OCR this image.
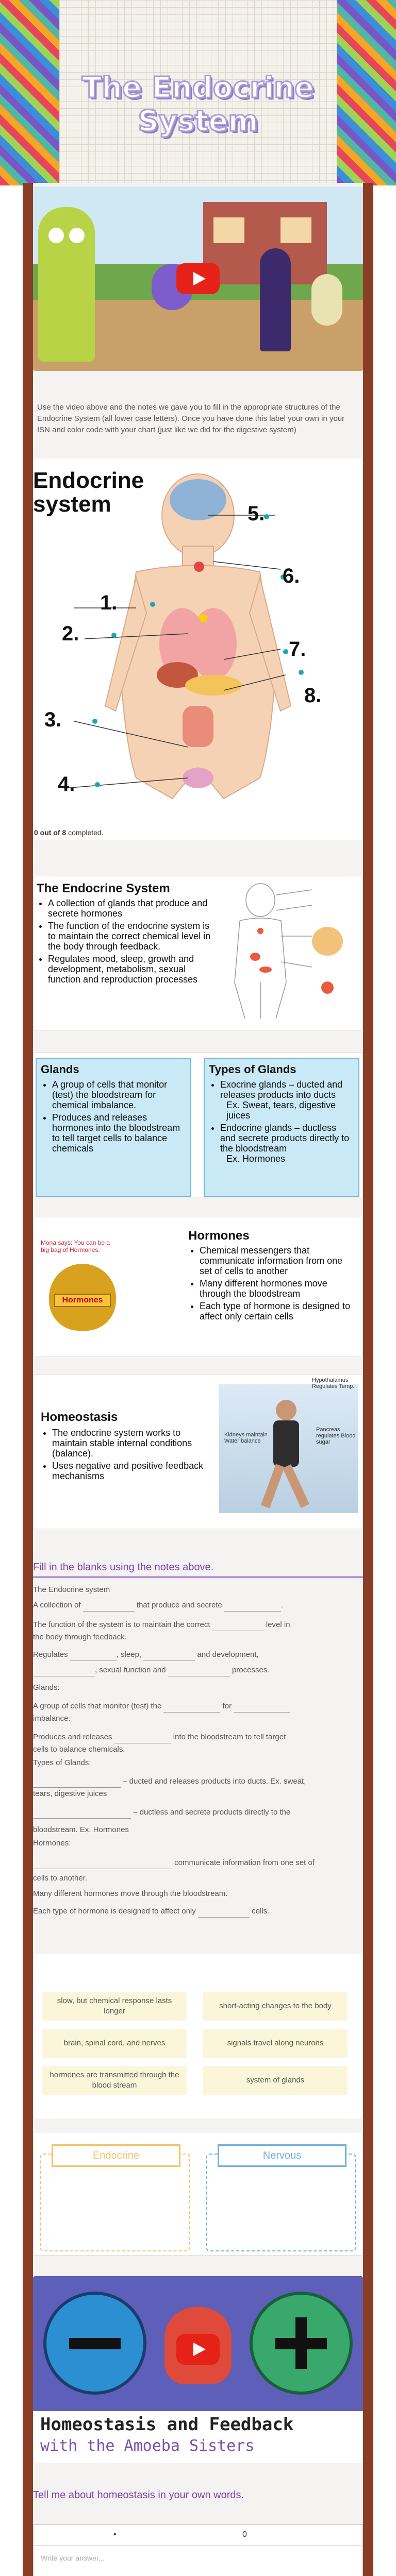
The Endocrine System
Use the video above and the notes we gave you to fill in the appropriate structures of the Endocrine System (all lower case letters). Once you have done this label your own in your ISN and color code with your chart (just like we did for the digestive system)
Endocrine system
1.
2.
3.
4.
5.
6.
7.
8.
0 out of 8 completed.
The Endocrine System
• A collection of glands that produce and secrete hormones
• The function of the endocrine system is to maintain the correct chemical level in the body through feedback.
• Regulates mood, sleep, growth and development, metabolism, sexual function and reproduction processes
Glands
• A group of cells that monitor (test) the bloodstream for chemical imbalance.
• Produces and releases hormones into the bloodstream to tell target cells to balance chemicals
Types of Glands
• Exocrine glands – ducted and releases products into ducts
Ex. Sweat, tears, digestive juices
• Endocrine glands – ductless and secrete products directly to the bloodstream
Ex. Hormones
Mona says: You can be a big bag of Hormones.
Hormones
Hormones
• Chemical messengers that communicate information from one set of cells to another
• Many different hormones move through the bloodstream
• Each type of hormone is designed to affect only certain cells
Homeostasis
• The endocrine system works to maintain stable internal conditions (balance).
• Uses negative and positive feedback mechanisms
Hypothalamus Regulates Temp.
Kidneys maintain Water balance
Pancreas regulates Blood sugar
Fill in the blanks using the notes above.
The Endocrine system
A collection of	that produce and secrete	.
The function of the system is to maintain the correct	level in
the body through feedback.
Regulates	, sleep,	and development,
, sexual function and	processes.
Glands:
A group of cells that monitor (test) the	for
imbalance.
Produces and releases	into the bloodstream to tell target
cells to balance chemicals.
Types of Glands:
– ducted and releases products into ducts. Ex. sweat,
tears, digestive juices
– ductless and secrete products directly to the
bloodstream. Ex. Hormones
Hormones:
communicate information from one set of
cells to another.
Many different hormones move through the bloodstream.
Each type of hormone is designed to affect only	cells.
slow, but chemical response lasts longer
short-acting changes to the body
brain, spinal cord, and nerves	signals travel along neurons
hormones are transmitted through the blood stream
system of glands
Endocrine	Nervous
Homeostasis and Feedback
with the Amoeba Sisters
Tell me about homeostasis in your own words.
•	0
Write your answer...
